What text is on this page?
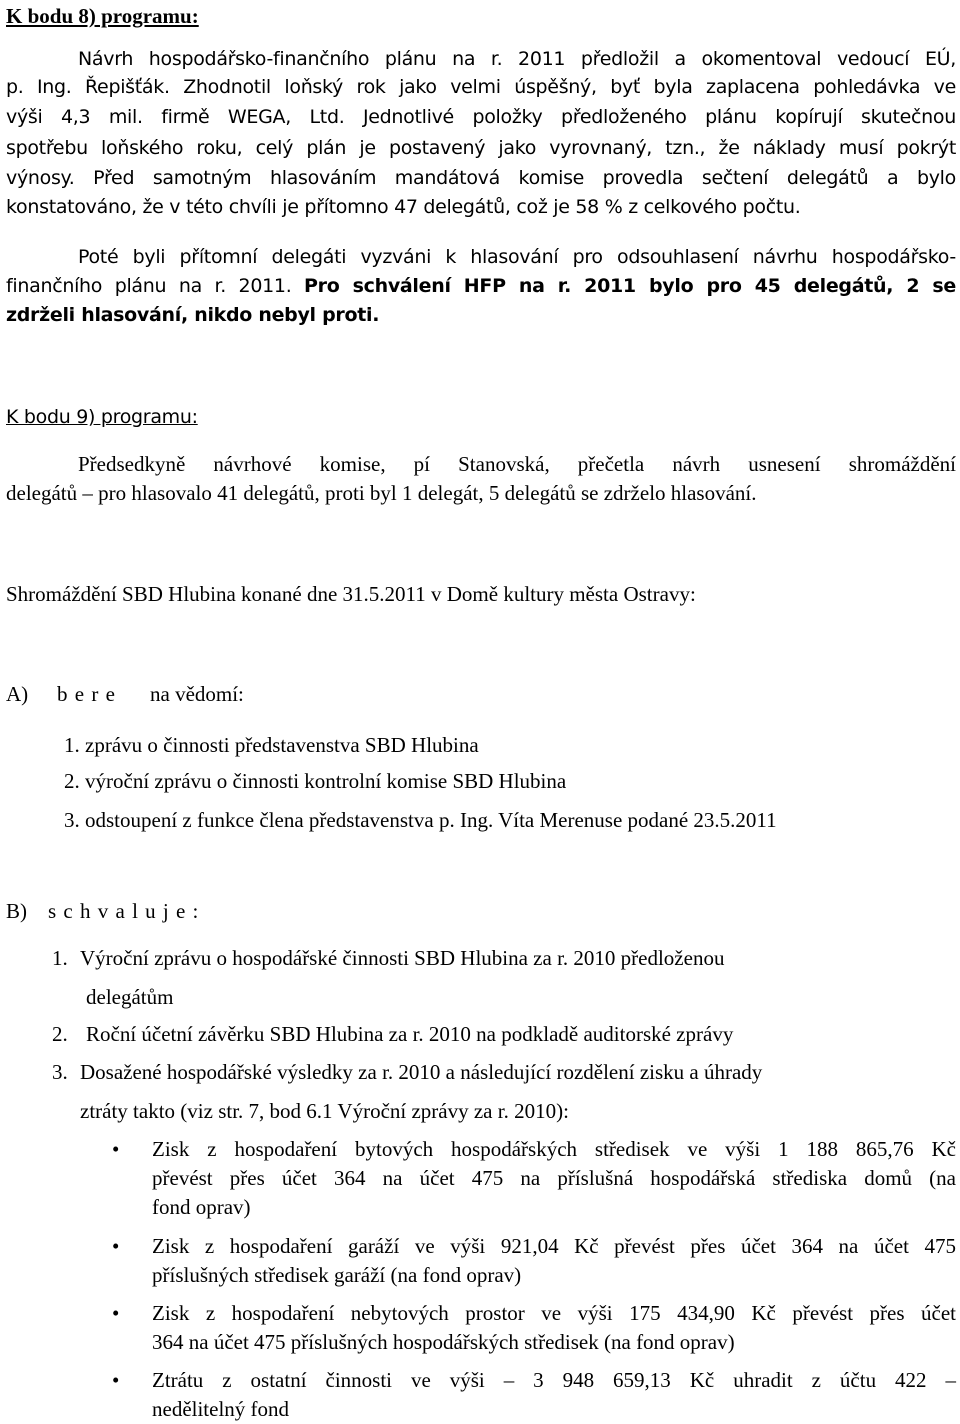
K bodu 8) programu:
Návrh hospodářsko-finančního plánu na r. 2011 předložil a okomentoval vedoucí EÚ,
p. Ing. Řepišťák. Zhodnotil loňský rok jako velmi úspěšný, byť byla zaplacena pohledávka ve
výši 4,3 mil. firmě WEGA, Ltd. Jednotlivé položky předloženého plánu kopírují skutečnou
spotřebu loňského roku, celý plán je postavený jako vyrovnaný, tzn., že náklady musí pokrýt
výnosy. Před samotným hlasováním mandátová komise provedla sečtení delegátů a bylo
konstatováno, že v této chvíli je přítomno 47 delegátů, což je 58 % z celkového počtu.
Poté byli přítomní delegáti vyzváni k hlasování pro odsouhlasení návrhu hospodářsko-
finančního plánu na r. 2011. Pro schválení HFP na r. 2011 bylo pro 45 delegátů, 2 se
zdrželi hlasování, nikdo nebyl proti.
K bodu 9) programu:
Předsedkyně návrhové komise, pí Stanovská, přečetla návrh usnesení shromáždění
delegátů – pro hlasovalo 41 delegátů, proti byl 1 delegát, 5 delegátů se zdrželo hlasování.
Shromáždění SBD Hlubina konané dne 31.5.2011 v Domě kultury města Ostravy:
A) b e r e na vědomí:
1. zprávu o činnosti představenstva SBD Hlubina
2. výroční zprávu o činnosti kontrolní komise SBD Hlubina
3. odstoupení z funkce člena představenstva p. Ing. Víta Merenuse podané 23.5.2011
B) s c h v a l u j e :
1. Výroční zprávu o hospodářské činnosti SBD Hlubina za r. 2010 předloženou
delegátům
2. Roční účetní závěrku SBD Hlubina za r. 2010 na podkladě auditorské zprávy
3. Dosažené hospodářské výsledky za r. 2010 a následující rozdělení zisku a úhrady
ztráty takto (viz str. 7, bod 6.1 Výroční zprávy za r. 2010):
• Zisk z hospodaření bytových hospodářských středisek ve výši 1 188 865,76 Kč
převést přes účet 364 na účet 475 na příslušná hospodářská střediska domů (na
fond oprav)
• Zisk z hospodaření garáží ve výši 921,04 Kč převést přes účet 364 na účet 475
příslušných středisek garáží (na fond oprav)
• Zisk z hospodaření nebytových prostor ve výši 175 434,90 Kč převést přes účet
364 na účet 475 příslušných hospodářských středisek (na fond oprav)
• Ztrátu z ostatní činnosti ve výši – 3 948 659,13 Kč uhradit z účtu 422 –
nedělitelný fond
